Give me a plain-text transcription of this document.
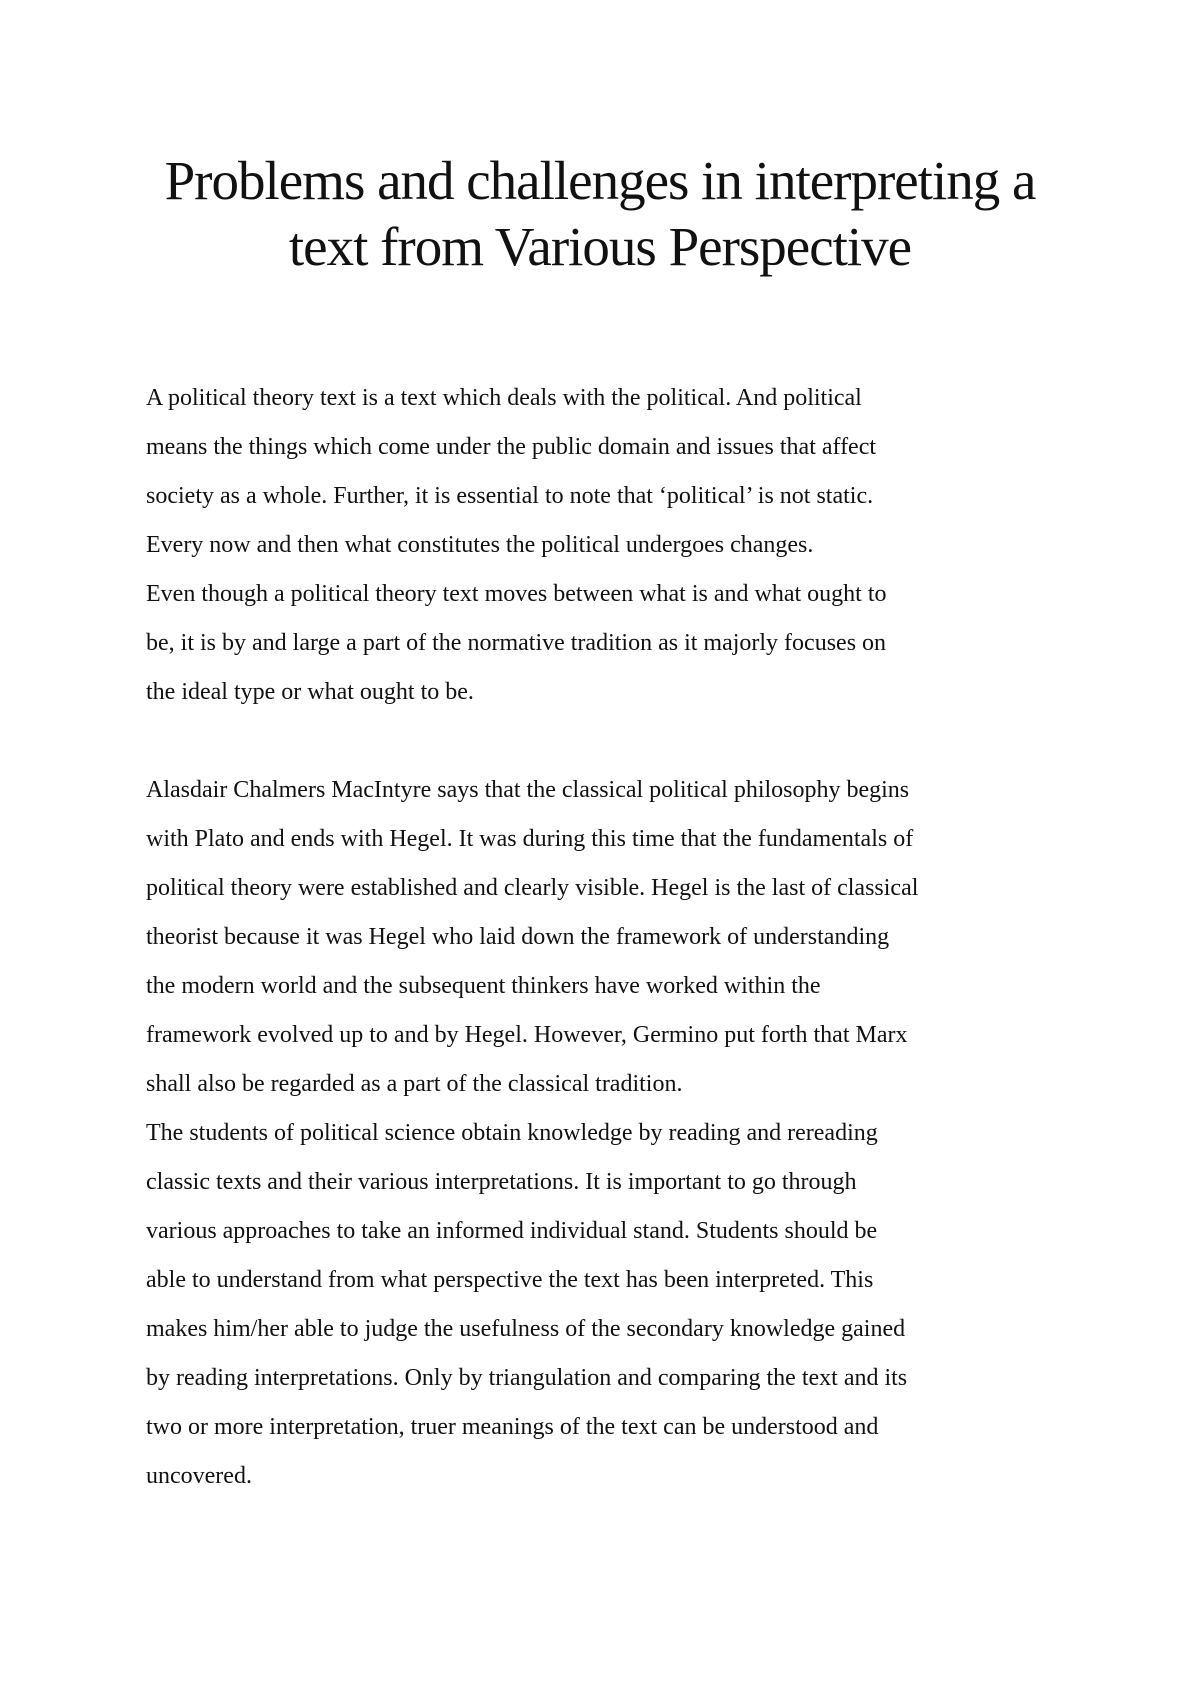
Problems and challenges in interpreting a
text from Various Perspective
A political theory text is a text which deals with the political. And political
means the things which come under the public domain and issues that affect
society as a whole. Further, it is essential to note that ‘political’ is not static.
Every now and then what constitutes the political undergoes changes.
Even though a political theory text moves between what is and what ought to
be, it is by and large a part of the normative tradition as it majorly focuses on
the ideal type or what ought to be.
Alasdair Chalmers MacIntyre says that the classical political philosophy begins
with Plato and ends with Hegel. It was during this time that the fundamentals of
political theory were established and clearly visible. Hegel is the last of classical
theorist because it was Hegel who laid down the framework of understanding
the modern world and the subsequent thinkers have worked within the
framework evolved up to and by Hegel. However, Germino put forth that Marx
shall also be regarded as a part of the classical tradition.
The students of political science obtain knowledge by reading and rereading
classic texts and their various interpretations. It is important to go through
various approaches to take an informed individual stand. Students should be
able to understand from what perspective the text has been interpreted. This
makes him/her able to judge the usefulness of the secondary knowledge gained
by reading interpretations. Only by triangulation and comparing the text and its
two or more interpretation, truer meanings of the text can be understood and
uncovered.
